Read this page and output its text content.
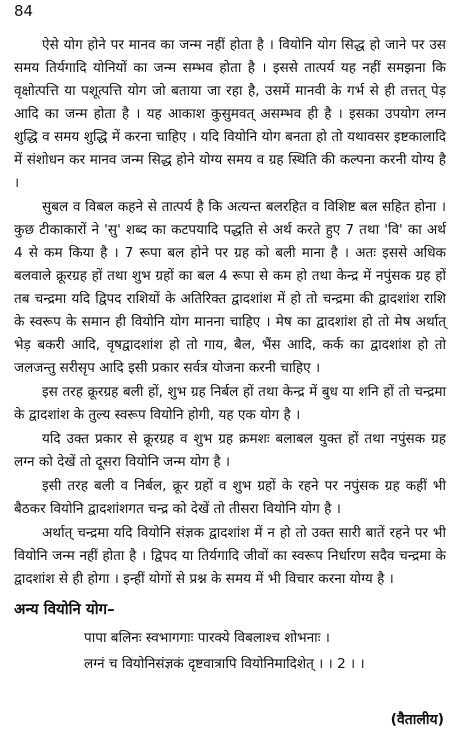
84

ऐसे योग होने पर मानव का जन्म नहीं होता है । वियोनि योग सिद्ध हो जाने पर उस समय तिर्यगादि योनियों का जन्म सम्भव होता है । इससे तात्पर्य यह नहीं समझना कि वृक्षोत्पत्ति या पशूत्पत्ति योग जो बताया जा रहा है, उसमें मानवी के गर्भ से ही तत्तत् पेड़ आदि का जन्म होता है । यह आकाश कुसुमवत् असम्भव ही है । इसका उपयोग लग्न शुद्धि व समय शुद्धि में करना चाहिए । यदि वियोनि योग बनता हो तो यथावसर इष्टकालादि में संशोधन कर मानव जन्म सिद्ध होने योग्य समय व ग्रह स्थिति की कल्पना करनी योग्य है ।

सुबल व विबल कहने से तात्पर्य है कि अत्यन्त बलरहित व विशिष्ट बल सहित होना । कुछ टीकाकारों ने 'सु' शब्द का कटपयादि पद्धति से अर्थ करते हुए 7 तथा 'वि' का अर्थ 4 से कम किया है । 7 रूपा बल होने पर ग्रह को बली माना है । अतः इससे अधिक बलवाले क्रूरग्रह हों तथा शुभ ग्रहों का बल 4 रूपा से कम हो तथा केन्द्र में नपुंसक ग्रह हों तब चन्द्रमा यदि द्विपद राशियों के अतिरिक्त द्वादशांश में हो तो चन्द्रमा की द्वादशांश राशि के स्वरूप के समान ही वियोनि योग मानना चाहिए । मेष का द्वादशांश हो तो मेष अर्थात् भेड़ बकरी आदि, वृषद्वादशांश हो तो गाय, बैल, भैंस आदि, कर्क का द्वादशांश हो तो जलजन्तु सरीसृप आदि इसी प्रकार सर्वत्र योजना करनी चाहिए ।

इस तरह क्रूरग्रह बली हों, शुभ ग्रह निर्बल हों तथा केन्द्र में बुध या शनि हों तो चन्द्रमा के द्वादशांश के तुल्य स्वरूप वियोनि होगी, यह एक योग है ।

यदि उक्त प्रकार से क्रूरग्रह व शुभ ग्रह क्रमशः बलाबल युक्त हों तथा नपुंसक ग्रह लग्न को देखें तो दूसरा वियोनि जन्म योग है ।

इसी तरह बली व निर्बल, क्रूर ग्रहों व शुभ ग्रहों के रहने पर नपुंसक ग्रह कहीं भी बैठकर वियोनि द्वादशांशगत चन्द्र को देखें तो तीसरा वियोनि योग है ।

अर्थात् चन्द्रमा यदि वियोनि संज्ञक द्वादशांश में न हो तो उक्त सारी बातें रहने पर भी वियोनि जन्म नहीं होता है । द्विपद या तिर्यगादि जीवों का स्वरूप निर्धारण सदैव चन्द्रमा के द्वादशांश से ही होगा । इन्हीं योगों से प्रश्न के समय में भी विचार करना योग्य है ।

अन्य वियोनि योग–

पापा बलिनः स्वभागगाः पारक्ये विबलाश्च शोभनाः ।

लग्नं च वियोनिसंज्ञकं दृष्टवात्रापि वियोनिमादिशेत् । । 2 । ।

(वैतालीय)
